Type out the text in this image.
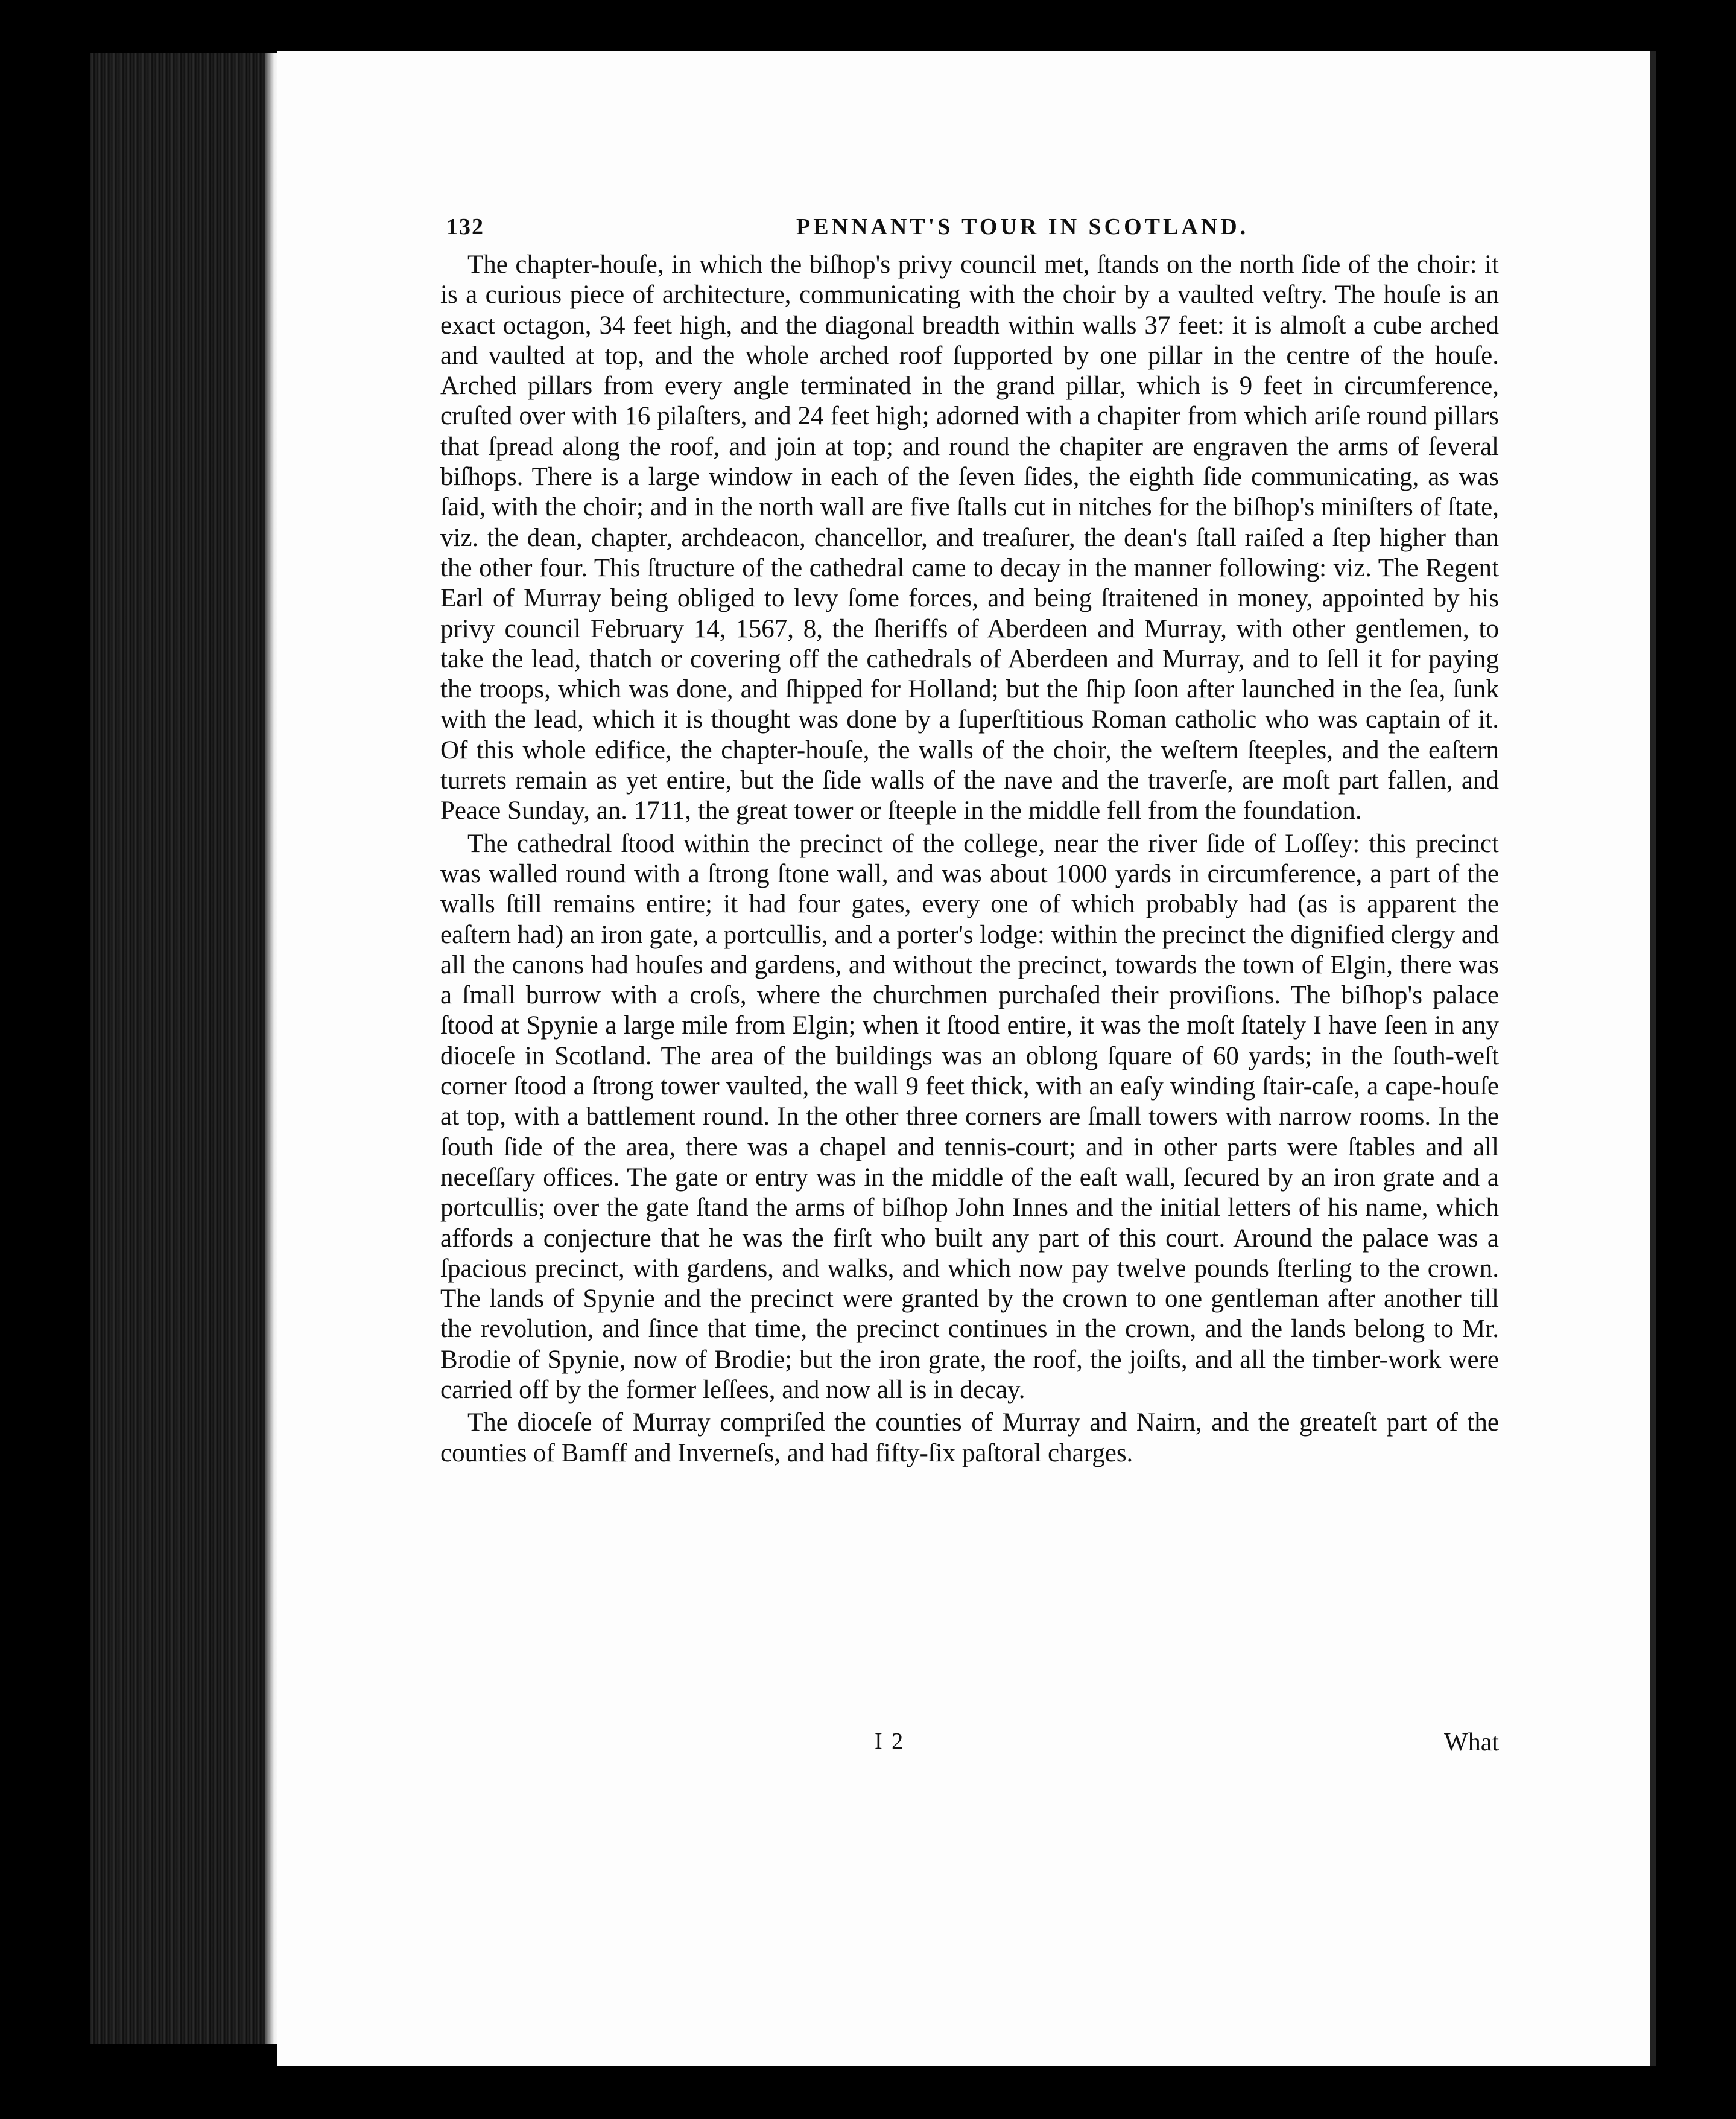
132	PENNANT'S TOUR IN SCOTLAND.

The chapter-houſe, in which the biſhop's privy council met, ſtands on the north ſide of the choir: it is a curious piece of architecture, communicating with the choir by a vaulted veſtry. The houſe is an exact octagon, 34 feet high, and the diagonal breadth within walls 37 feet: it is almoſt a cube arched and vaulted at top, and the whole arched roof ſupported by one pillar in the centre of the houſe. Arched pillars from every angle terminated in the grand pillar, which is 9 feet in circumference, cruſted over with 16 pilaſters, and 24 feet high; adorned with a chapiter from which ariſe round pillars that ſpread along the roof, and join at top; and round the chapiter are engraven the arms of ſeveral biſhops. There is a large window in each of the ſeven ſides, the eighth ſide communicating, as was ſaid, with the choir; and in the north wall are five ſtalls cut in nitches for the biſhop's miniſters of ſtate, viz. the dean, chapter, archdeacon, chancellor, and treaſurer, the dean's ſtall raiſed a ſtep higher than the other four. This ſtructure of the cathedral came to decay in the manner following: viz. The Regent Earl of Murray being obliged to levy ſome forces, and being ſtraitened in money, appointed by his privy council February 14, 1567, 8, the ſheriffs of Aberdeen and Murray, with other gentlemen, to take the lead, thatch or covering off the cathedrals of Aberdeen and Murray, and to ſell it for paying the troops, which was done, and ſhipped for Holland; but the ſhip ſoon after launched in the ſea, ſunk with the lead, which it is thought was done by a ſuperſtitious Roman catholic who was captain of it. Of this whole edifice, the chapter-houſe, the walls of the choir, the weſtern ſteeples, and the eaſtern turrets remain as yet entire, but the ſide walls of the nave and the traverſe, are moſt part fallen, and Peace Sunday, an. 1711, the great tower or ſteeple in the middle fell from the foundation.

The cathedral ſtood within the precinct of the college, near the river ſide of Loſſey: this precinct was walled round with a ſtrong ſtone wall, and was about 1000 yards in circumference, a part of the walls ſtill remains entire; it had four gates, every one of which probably had (as is apparent the eaſtern had) an iron gate, a portcullis, and a porter's lodge: within the precinct the dignified clergy and all the canons had houſes and gardens, and without the precinct, towards the town of Elgin, there was a ſmall burrow with a croſs, where the churchmen purchaſed their proviſions. The biſhop's palace ſtood at Spynie a large mile from Elgin; when it ſtood entire, it was the moſt ſtately I have ſeen in any dioceſe in Scotland. The area of the buildings was an oblong ſquare of 60 yards; in the ſouth-weſt corner ſtood a ſtrong tower vaulted, the wall 9 feet thick, with an eaſy winding ſtair-caſe, a cape-houſe at top, with a battlement round. In the other three corners are ſmall towers with narrow rooms. In the ſouth ſide of the area, there was a chapel and tennis-court; and in other parts were ſtables and all neceſſary offices. The gate or entry was in the middle of the eaſt wall, ſecured by an iron grate and a portcullis; over the gate ſtand the arms of biſhop John Innes and the initial letters of his name, which affords a conjecture that he was the firſt who built any part of this court. Around the palace was a ſpacious precinct, with gardens, and walks, and which now pay twelve pounds ſterling to the crown. The lands of Spynie and the precinct were granted by the crown to one gentleman after another till the revolution, and ſince that time, the precinct continues in the crown, and the lands belong to Mr. Brodie of Spynie, now of Brodie; but the iron grate, the roof, the joiſts, and all the timber-work were carried off by the former leſſees, and now all is in decay.

The dioceſe of Murray compriſed the counties of Murray and Nairn, and the greateſt part of the counties of Bamff and Inverneſs, and had fifty-ſix paſtoral charges.

I 2	What
